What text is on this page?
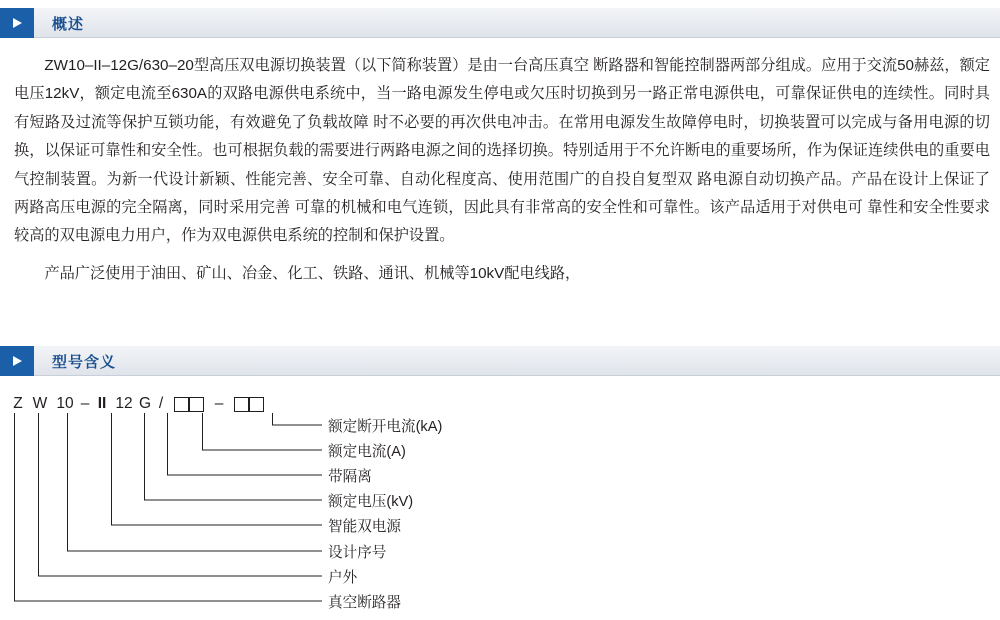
概述

ZW10–II–12G/630–20型高压双电源切换装置（以下简称装置）是由一台高压真空 断路器和智能控制器两部分组成。应用于交流50赫兹，额定电压12kV，额定电流至630A的双路电源供电系统中，当一路电源发生停电或欠压时切换到另一路正常电源供电，可靠保证供电的连续性。同时具有短路及过流等保护互锁功能，有效避免了负载故障 时不必要的再次供电冲击。在常用电源发生故障停电时，切换装置可以完成与备用电源的切换，以保证可靠性和安全性。也可根据负载的需要进行两路电源之间的选择切换。特别适用于不允许断电的重要场所，作为保证连续供电的重要电气控制装置。为新一代设计新颖、性能完善、安全可靠、自动化程度高、使用范围广的自投自复型双 路电源自动切换产品。产品在设计上保证了两路高压电源的完全隔离，同时采用完善 可靠的机械和电气连锁，因此具有非常高的安全性和可靠性。该产品适用于对供电可 靠性和安全性要求较高的双电源电力用户，作为双电源供电系统的控制和保护设置。

产品广泛使用于油田、矿山、冶金、化工、铁路、通讯、机械等10kV配电线路，

型号含义
Z W 10 – II 12 G /	–
额定断开电流(kA)
额定电流(A)
带隔离
额定电压(kV)
智能双电源
设计序号
户外
真空断路器
